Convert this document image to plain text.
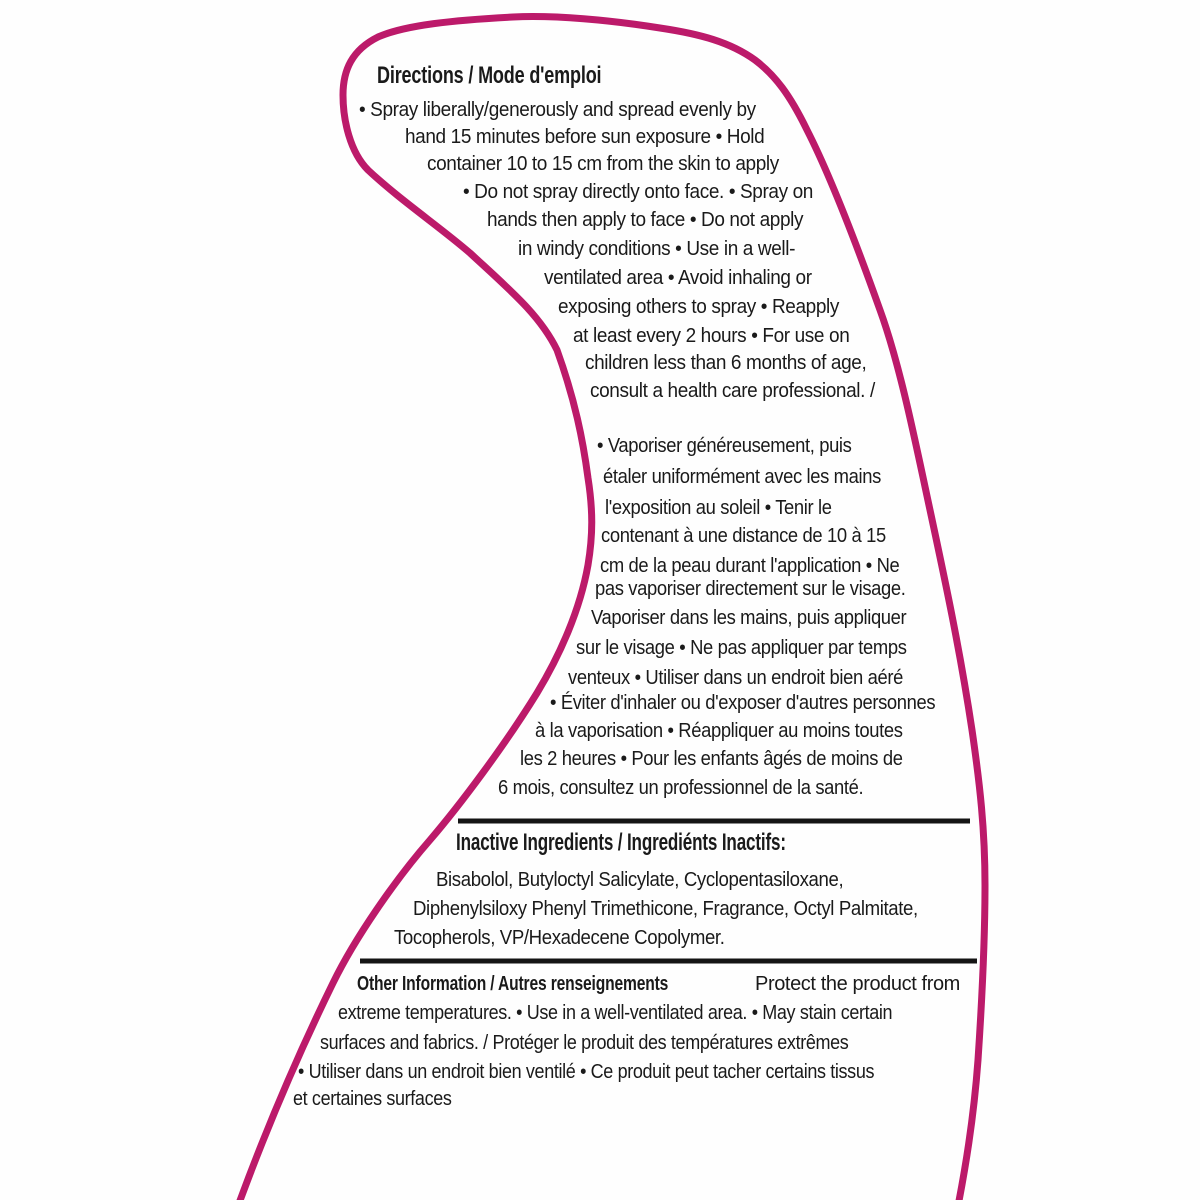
Directions / Mode d'emploi
• Spray liberally/generously and spread evenly by
hand 15 minutes before sun exposure • Hold
container 10 to 15 cm from the skin to apply
• Do not spray directly onto face. • Spray on
hands then apply to face • Do not apply
in windy conditions • Use in a well-
ventilated area • Avoid inhaling or
exposing others to spray • Reapply
at least every 2 hours • For use on
children less than 6 months of age,
consult a health care professional. /
• Vaporiser généreusement, puis
étaler uniformément avec les mains
l'exposition au soleil • Tenir le
contenant à une distance de 10 à 15
cm de la peau durant l'application • Ne
pas vaporiser directement sur le visage.
Vaporiser dans les mains, puis appliquer
sur le visage • Ne pas appliquer par temps
venteux • Utiliser dans un endroit bien aéré
• Éviter d'inhaler ou d'exposer d'autres personnes
à la vaporisation • Réappliquer au moins toutes
les 2 heures • Pour les enfants âgés de moins de
6 mois, consultez un professionnel de la santé.
Inactive Ingredients / Ingrediénts Inactifs:
Bisabolol, Butyloctyl Salicylate, Cyclopentasiloxane,
Diphenylsiloxy Phenyl Trimethicone, Fragrance, Octyl Palmitate,
Tocopherols, VP/Hexadecene Copolymer.
Other Information / Autres renseignements	Protect the product from
extreme temperatures. • Use in a well-ventilated area. • May stain certain
surfaces and fabrics. / Protéger le produit des températures extrêmes
• Utiliser dans un endroit bien ventilé • Ce produit peut tacher certains tissus
et certaines surfaces
